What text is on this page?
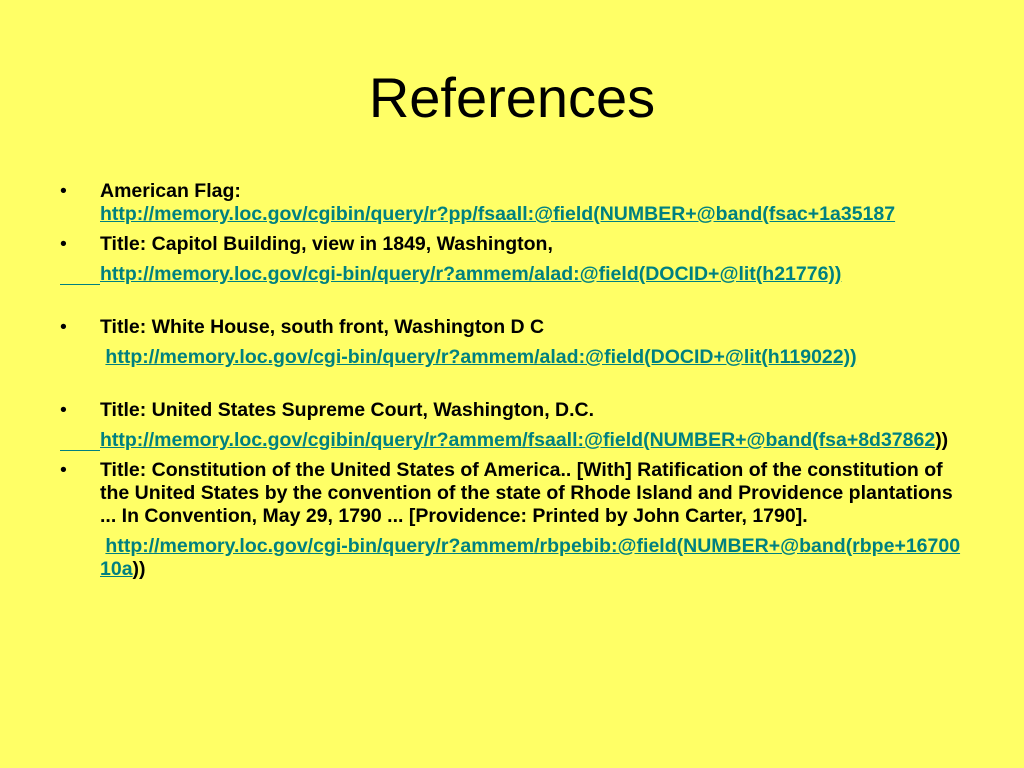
References
• American Flag:
http://memory.loc.gov/cgibin/query/r?pp/fsaall:@field(NUMBER+@band(fsac+1a35187
• Title: Capitol Building, view in 1849, Washington,
http://memory.loc.gov/cgi-bin/query/r?ammem/alad:@field(DOCID+@lit(h21776))
• Title: White House, south front, Washington D C
http://memory.loc.gov/cgi-bin/query/r?ammem/alad:@field(DOCID+@lit(h119022))
• Title: United States Supreme Court, Washington, D.C.
http://memory.loc.gov/cgibin/query/r?ammem/fsaall:@field(NUMBER+@band(fsa+8d37862))
• Title: Constitution of the United States of America.. [With] Ratification of the constitution of the United States by the convention of the state of Rhode Island and Providence plantations ... In Convention, May 29, 1790 ... [Providence: Printed by John Carter, 1790].
http://memory.loc.gov/cgi-bin/query/r?ammem/rbpebib:@field(NUMBER+@band(rbpe+1670010a))
